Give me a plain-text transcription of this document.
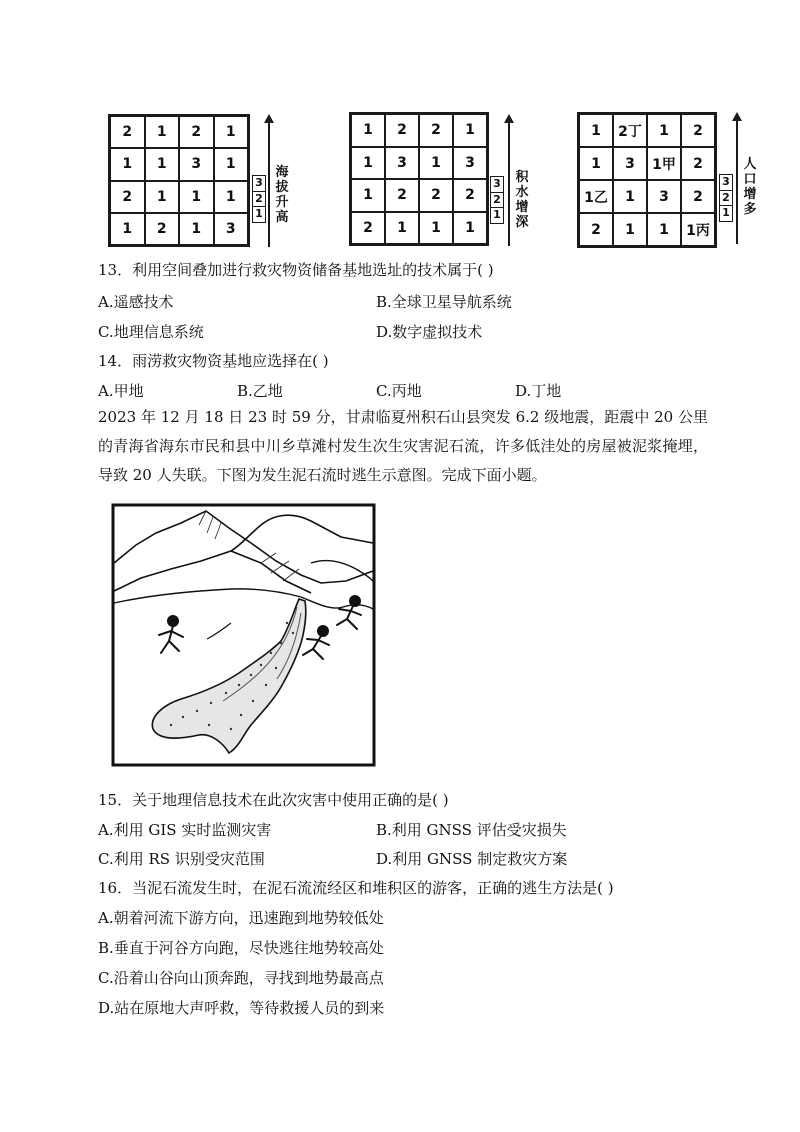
2	1	2	1
1	1	3	1
2	1	1	1
1	2	1	3
3
2
1
海拔升高
1	2	2	1
1	3	1	3
1	2	2	2
2	1	1	1
3
2
1
积水增深
1	2丁	1	2
1	3	1甲	2
1乙	1	3	2
2	1	1	1丙
3
2
1
人口增多
13．利用空间叠加进行救灾物资储备基地选址的技术属于( )
A.遥感技术	B.全球卫星导航系统
C.地理信息系统	D.数字虚拟技术
14．雨涝救灾物资基地应选择在( )
A.甲地	B.乙地	C.丙地	D.丁地
2023 年 12 月 18 日 23 时 59 分，甘肃临夏州积石山县突发 6.2 级地震，距震中 20 公里的青海省海东市民和县中川乡草滩村发生次生灾害泥石流，许多低洼处的房屋被泥浆掩埋，导致 20 人失联。下图为发生泥石流时逃生示意图。完成下面小题。
15．关于地理信息技术在此次灾害中使用正确的是( )
A.利用 GIS 实时监测灾害	B.利用 GNSS 评估受灾损失
C.利用 RS 识别受灾范围	D.利用 GNSS 制定救灾方案
16．当泥石流发生时，在泥石流流经区和堆积区的游客，正确的逃生方法是( )
A.朝着河流下游方向，迅速跑到地势较低处
B.垂直于河谷方向跑，尽快逃往地势较高处
C.沿着山谷向山顶奔跑，寻找到地势最高点
D.站在原地大声呼救，等待救援人员的到来
